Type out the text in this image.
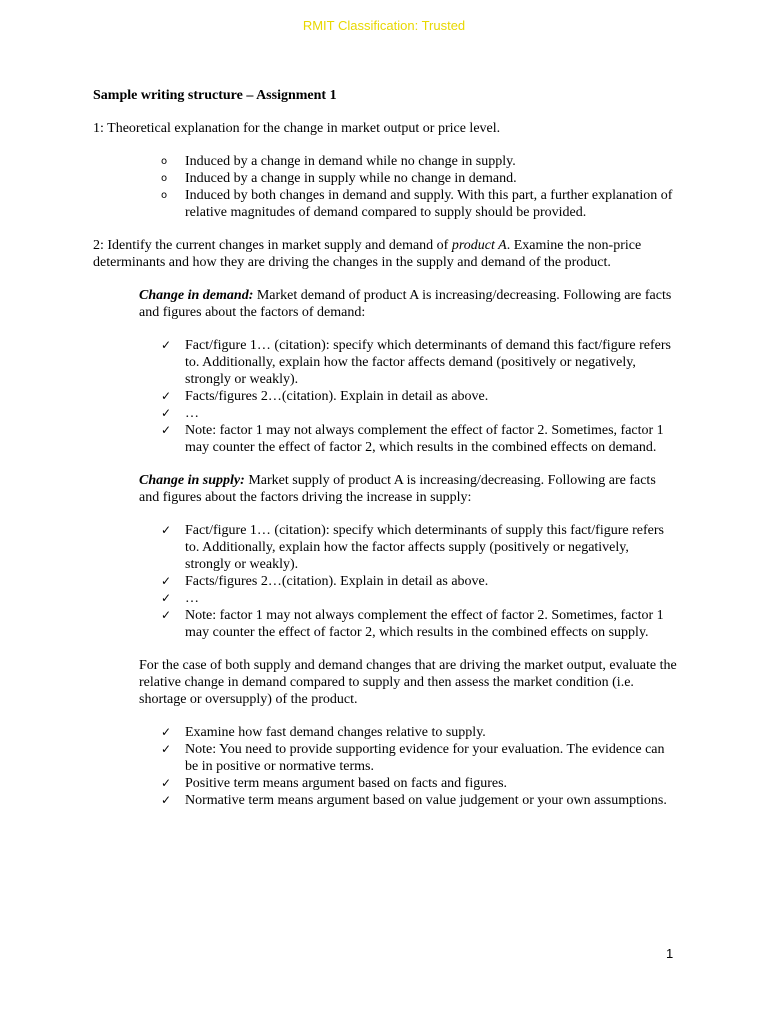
RMIT Classification: Trusted

Sample writing structure – Assignment 1

1: Theoretical explanation for the change in market output or price level.

o Induced by a change in demand while no change in supply.
o Induced by a change in supply while no change in demand.
o Induced by both changes in demand and supply. With this part, a further explanation of relative magnitudes of demand compared to supply should be provided.

2: Identify the current changes in market supply and demand of product A. Examine the non-price determinants and how they are driving the changes in the supply and demand of the product.

Change in demand: Market demand of product A is increasing/decreasing. Following are facts and figures about the factors of demand:

✓ Fact/figure 1… (citation): specify which determinants of demand this fact/figure refers to. Additionally, explain how the factor affects demand (positively or negatively, strongly or weakly).
✓ Facts/figures 2…(citation). Explain in detail as above.
✓ …
✓ Note: factor 1 may not always complement the effect of factor 2. Sometimes, factor 1 may counter the effect of factor 2, which results in the combined effects on demand.

Change in supply: Market supply of product A is increasing/decreasing. Following are facts and figures about the factors driving the increase in supply:

✓ Fact/figure 1… (citation): specify which determinants of supply this fact/figure refers to. Additionally, explain how the factor affects supply (positively or negatively, strongly or weakly).
✓ Facts/figures 2…(citation). Explain in detail as above.
✓ …
✓ Note: factor 1 may not always complement the effect of factor 2. Sometimes, factor 1 may counter the effect of factor 2, which results in the combined effects on supply.

For the case of both supply and demand changes that are driving the market output, evaluate the relative change in demand compared to supply and then assess the market condition (i.e. shortage or oversupply) of the product.

✓ Examine how fast demand changes relative to supply.
✓ Note: You need to provide supporting evidence for your evaluation. The evidence can be in positive or normative terms.
✓ Positive term means argument based on facts and figures.
✓ Normative term means argument based on value judgement or your own assumptions.
1
